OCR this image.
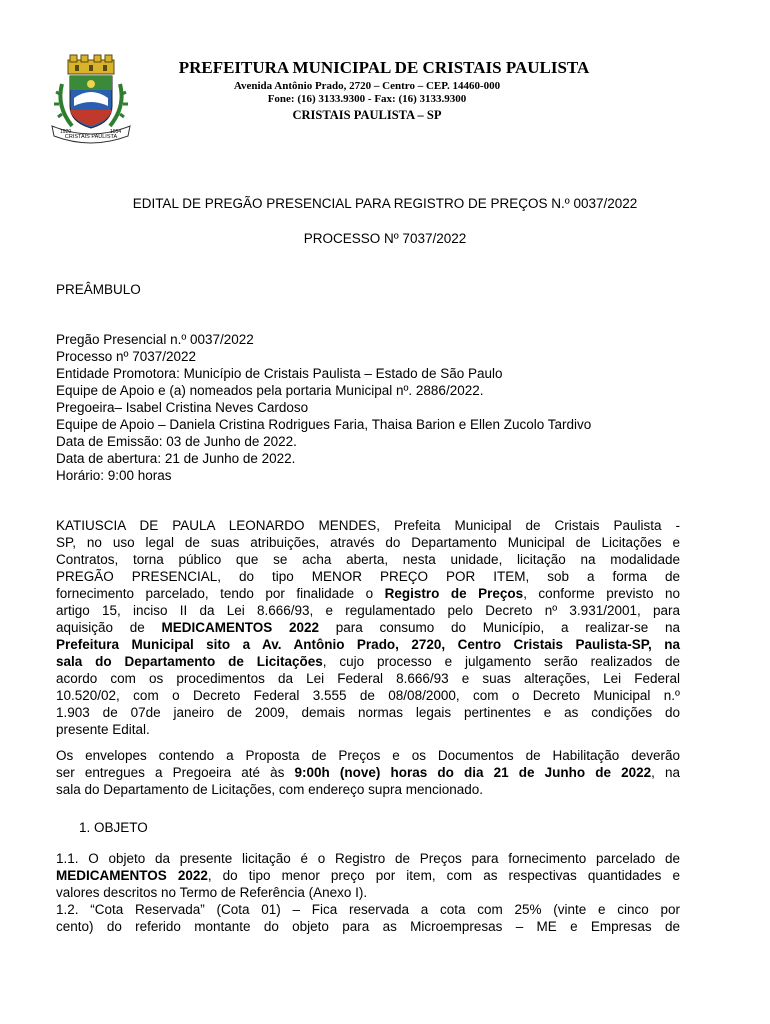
CRISTAIS PAULISTA
1920	1954
PREFEITURA MUNICIPAL DE CRISTAIS PAULISTA
Avenida Antônio Prado, 2720 – Centro – CEP. 14460-000
Fone: (16) 3133.9300 - Fax: (16) 3133.9300
CRISTAIS PAULISTA – SP
EDITAL DE PREGÃO PRESENCIAL PARA REGISTRO DE PREÇOS N.º 0037/2022
PROCESSO Nº 7037/2022
PREÂMBULO
Pregão Presencial n.º 0037/2022
Processo nº 7037/2022
Entidade Promotora: Município de Cristais Paulista – Estado de São Paulo
Equipe de Apoio e (a) nomeados pela portaria Municipal nº. 2886/2022.
Pregoeira– Isabel Cristina Neves Cardoso
Equipe de Apoio – Daniela Cristina Rodrigues Faria, Thaisa Barion e Ellen Zucolo Tardivo
Data de Emissão: 03 de Junho de 2022.
Data de abertura: 21 de Junho de 2022.
Horário: 9:00 horas
KATIUSCIA DE PAULA LEONARDO MENDES, Prefeita Municipal de Cristais Paulista -
SP, no uso legal de suas atribuições, através do Departamento Municipal de Licitações e
Contratos, torna público que se acha aberta, nesta unidade, licitação na modalidade
PREGÃO PRESENCIAL, do tipo MENOR PREÇO POR ITEM, sob a forma de
fornecimento parcelado, tendo por finalidade o Registro de Preços, conforme previsto no
artigo 15, inciso II da Lei 8.666/93, e regulamentado pelo Decreto nº 3.931/2001, para
aquisição de MEDICAMENTOS 2022 para consumo do Município, a realizar-se na
Prefeitura Municipal sito a Av. Antônio Prado, 2720, Centro Cristais Paulista-SP, na
sala do Departamento de Licitações, cujo processo e julgamento serão realizados de
acordo com os procedimentos da Lei Federal 8.666/93 e suas alterações, Lei Federal
10.520/02, com o Decreto Federal 3.555 de 08/08/2000, com o Decreto Municipal n.º
1.903 de 07de janeiro de 2009, demais normas legais pertinentes e as condições do
presente Edital.
Os envelopes contendo a Proposta de Preços e os Documentos de Habilitação deverão
ser entregues a Pregoeira até às 9:00h (nove) horas do dia 21 de Junho de 2022, na
sala do Departamento de Licitações, com endereço supra mencionado.
1. OBJETO
1.1. O objeto da presente licitação é o Registro de Preços para fornecimento parcelado de
MEDICAMENTOS 2022, do tipo menor preço por item, com as respectivas quantidades e
valores descritos no Termo de Referência (Anexo I).
1.2. “Cota Reservada” (Cota 01) – Fica reservada a cota com 25% (vinte e cinco por
cento) do referido montante do objeto para as Microempresas – ME e Empresas de
